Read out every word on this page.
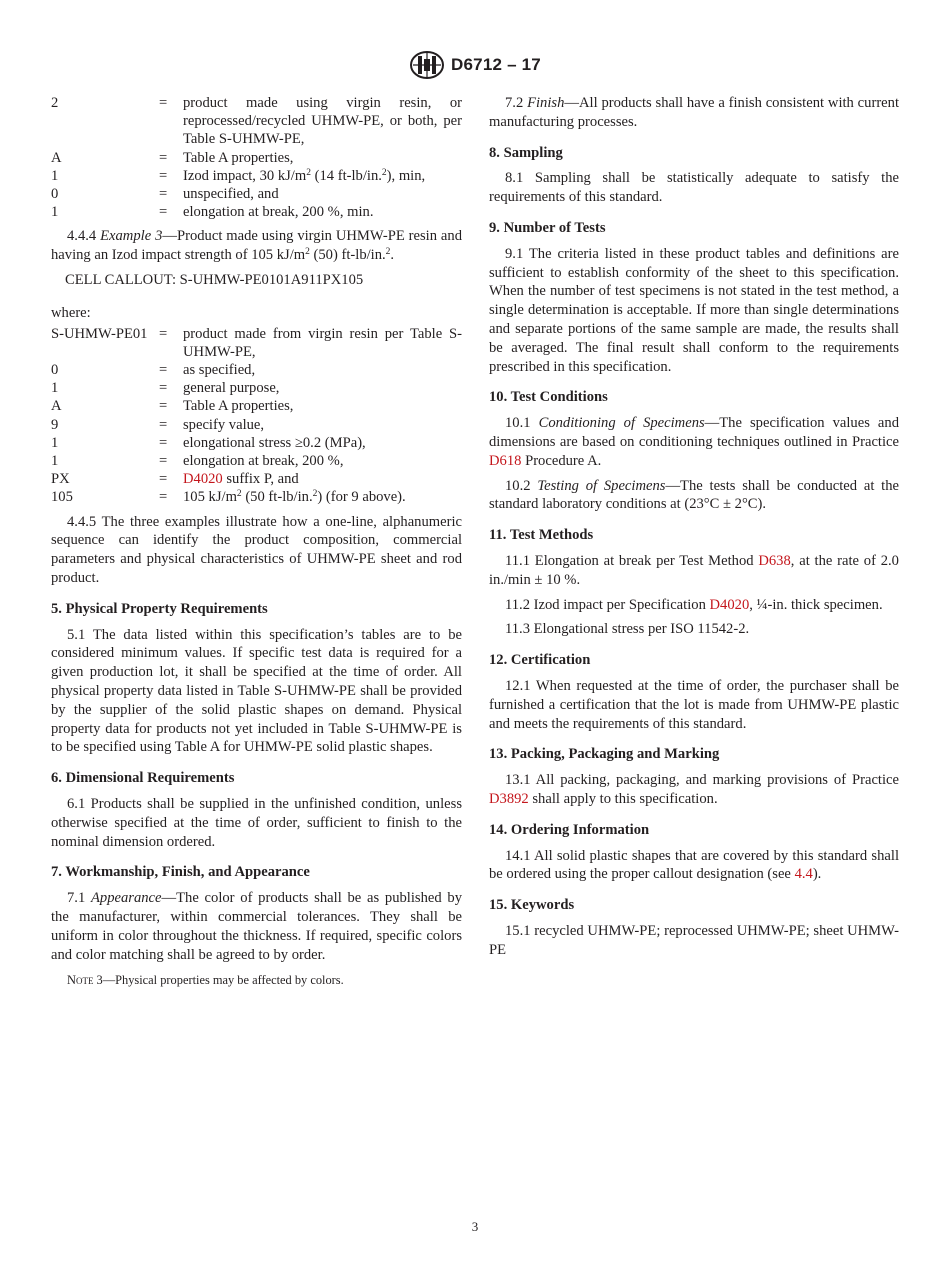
D6712 – 17
2	=	product made using virgin resin, or reprocessed/recycled UHMW-PE, or both, per Table S-UHMW-PE,
A	=	Table A properties,
1	=	Izod impact, 30 $kJ/m^2$ (14 ft-lb/in.$^2$), min,
0	=	unspecified, and
1	=	elongation at break, 200 %, min.

4.4.4 Example 3—Product made using virgin UHMW-PE resin and having an Izod impact strength of 105 $kJ/m^2$ (50) ft-lb/in.$^2$.

CELL CALLOUT: S-UHMW-PE0101A911PX105
where:
S-UHMW-PE01	=	product made from virgin resin per Table S-UHMW-PE,
0	=	as specified,
1	=	general purpose,
A	=	Table A properties,
9	=	specify value,
1	=	elongational stress ≥0.2 (MPa),
1	=	elongation at break, 200 %,
PX	=	D4020 suffix P, and
105	=	105 $kJ/m^2$ (50 ft-lb/in.$^2$) (for 9 above).

4.4.5 The three examples illustrate how a one-line, alphanumeric sequence can identify the product composition, commercial parameters and physical characteristics of UHMW-PE sheet and rod product.

5. Physical Property Requirements

5.1 The data listed within this specification’s tables are to be considered minimum values. If specific test data is required for a given production lot, it shall be specified at the time of order. All physical property data listed in Table S-UHMW-PE shall be provided by the supplier of the solid plastic shapes on demand. Physical property data for products not yet included in Table S-UHMW-PE is to be specified using Table A for UHMW-PE solid plastic shapes.

6. Dimensional Requirements

6.1 Products shall be supplied in the unfinished condition, unless otherwise specified at the time of order, sufficient to finish to the nominal dimension ordered.

7. Workmanship, Finish, and Appearance

7.1 Appearance—The color of products shall be as published by the manufacturer, within commercial tolerances. They shall be uniform in color throughout the thickness. If required, specific colors and color matching shall be agreed to by order.

Note 3—Physical properties may be affected by colors.

7.2 Finish—All products shall have a finish consistent with current manufacturing processes.

8. Sampling

8.1 Sampling shall be statistically adequate to satisfy the requirements of this standard.

9. Number of Tests

9.1 The criteria listed in these product tables and definitions are sufficient to establish conformity of the sheet to this specification. When the number of test specimens is not stated in the test method, a single determination is acceptable. If more than single determinations and separate portions of the same sample are made, the results shall be averaged. The final result shall conform to the requirements prescribed in this specification.

10. Test Conditions

10.1 Conditioning of Specimens—The specification values and dimensions are based on conditioning techniques outlined in Practice D618 Procedure A.

10.2 Testing of Specimens—The tests shall be conducted at the standard laboratory conditions at (23°C ± 2°C).

11. Test Methods

11.1 Elongation at break per Test Method D638, at the rate of 2.0 in./min ± 10 %.

11.2 Izod impact per Specification D4020, ¼-in. thick specimen.

11.3 Elongational stress per ISO 11542-2.

12. Certification

12.1 When requested at the time of order, the purchaser shall be furnished a certification that the lot is made from UHMW-PE plastic and meets the requirements of this standard.

13. Packing, Packaging and Marking

13.1 All packing, packaging, and marking provisions of Practice D3892 shall apply to this specification.

14. Ordering Information

14.1 All solid plastic shapes that are covered by this standard shall be ordered using the proper callout designation (see 4.4).

15. Keywords

15.1 recycled UHMW-PE; reprocessed UHMW-PE; sheet UHMW-PE

3
